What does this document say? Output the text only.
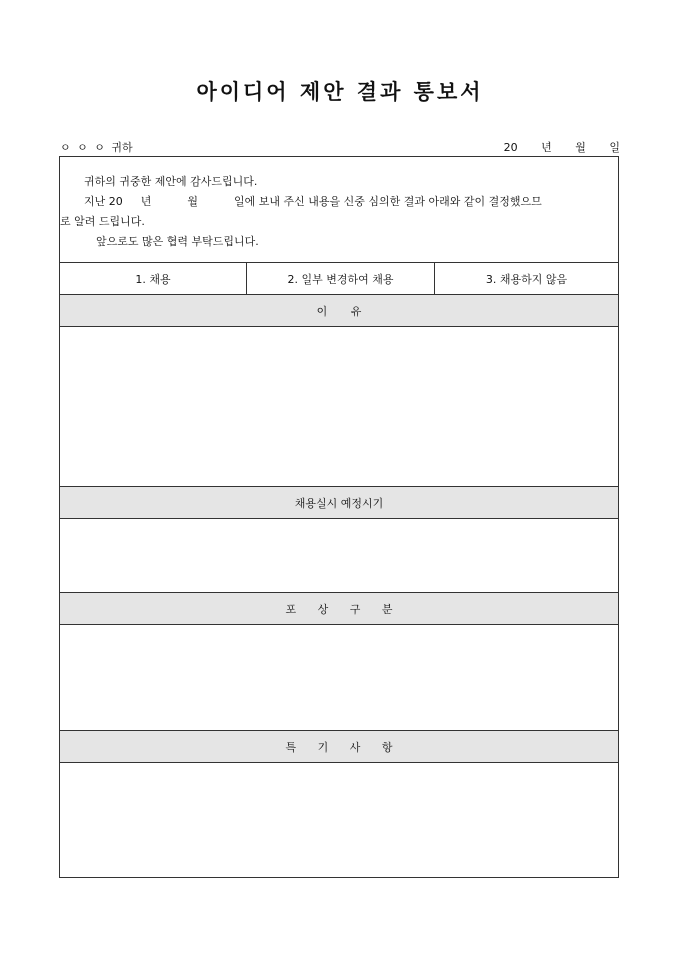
아이디어 제안 결과 통보서
ㅇ ㅇ ㅇ 귀하	20 년 월 일
귀하의 귀중한 제안에 감사드립니다.
지난 20 년	월	일에 보내 주신 내용을 신중 심의한 결과 아래와 같이 결정했으므
로 알려 드립니다.
앞으로도 많은 협력 부탁드립니다.
1. 채용	2. 일부 변경하여 채용	3. 채용하지 않음
이 유
채용실시 예정시기
포 상 구 분
특 기 사 항
